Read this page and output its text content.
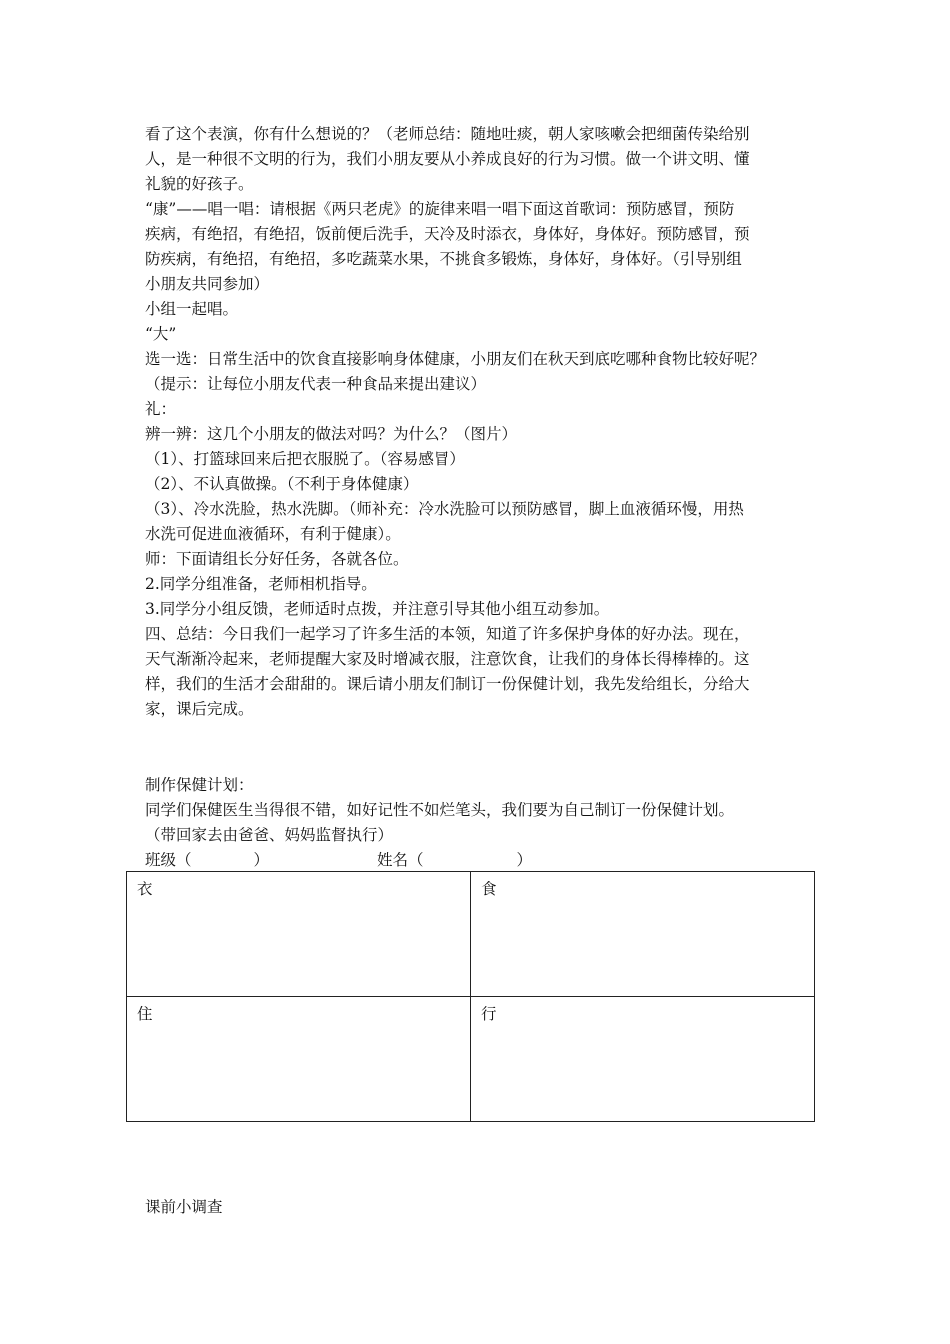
看了这个表演，你有什么想说的？（老师总结：随地吐痰，朝人家咳嗽会把细菌传染给别

人，是一种很不文明的行为，我们小朋友要从小养成良好的行为习惯。做一个讲文明、懂

礼貌的好孩子。

“康”——唱一唱：请根据《两只老虎》的旋律来唱一唱下面这首歌词：预防感冒，预防

疾病，有绝招，有绝招，饭前便后洗手，天冷及时添衣，身体好，身体好。预防感冒，预

防疾病，有绝招，有绝招，多吃蔬菜水果，不挑食多锻炼，身体好，身体好。（引导别组

小朋友共同参加）

小组一起唱。

“大”

选一选：日常生活中的饮食直接影响身体健康，小朋友们在秋天到底吃哪种食物比较好呢？

（提示：让每位小朋友代表一种食品来提出建议）

礼：

辨一辨：这几个小朋友的做法对吗？为什么？（图片）

（1）、打篮球回来后把衣服脱了。（容易感冒）

（2）、不认真做操。（不利于身体健康）

（3）、冷水洗脸，热水洗脚。（师补充：冷水洗脸可以预防感冒，脚上血液循环慢，用热

水洗可促进血液循环，有利于健康）。

师：下面请组长分好任务，各就各位。

2.同学分组准备，老师相机指导。

3.同学分小组反馈，老师适时点拨，并注意引导其他小组互动参加。

四、总结：今日我们一起学习了许多生活的本领，知道了许多保护身体的好办法。现在，

天气渐渐冷起来，老师提醒大家及时增减衣服，注意饮食，让我们的身体长得棒棒的。这

样，我们的生活才会甜甜的。课后请小朋友们制订一份保健计划，我先发给组长，分给大

家，课后完成。

制作保健计划：

同学们保健医生当得很不错，如好记性不如烂笔头，我们要为自己制订一份保健计划。

（带回家去由爸爸、妈妈监督执行）

班级（　　　　）	姓名（　　　　　　）
衣	食
住	行
课前小调查
